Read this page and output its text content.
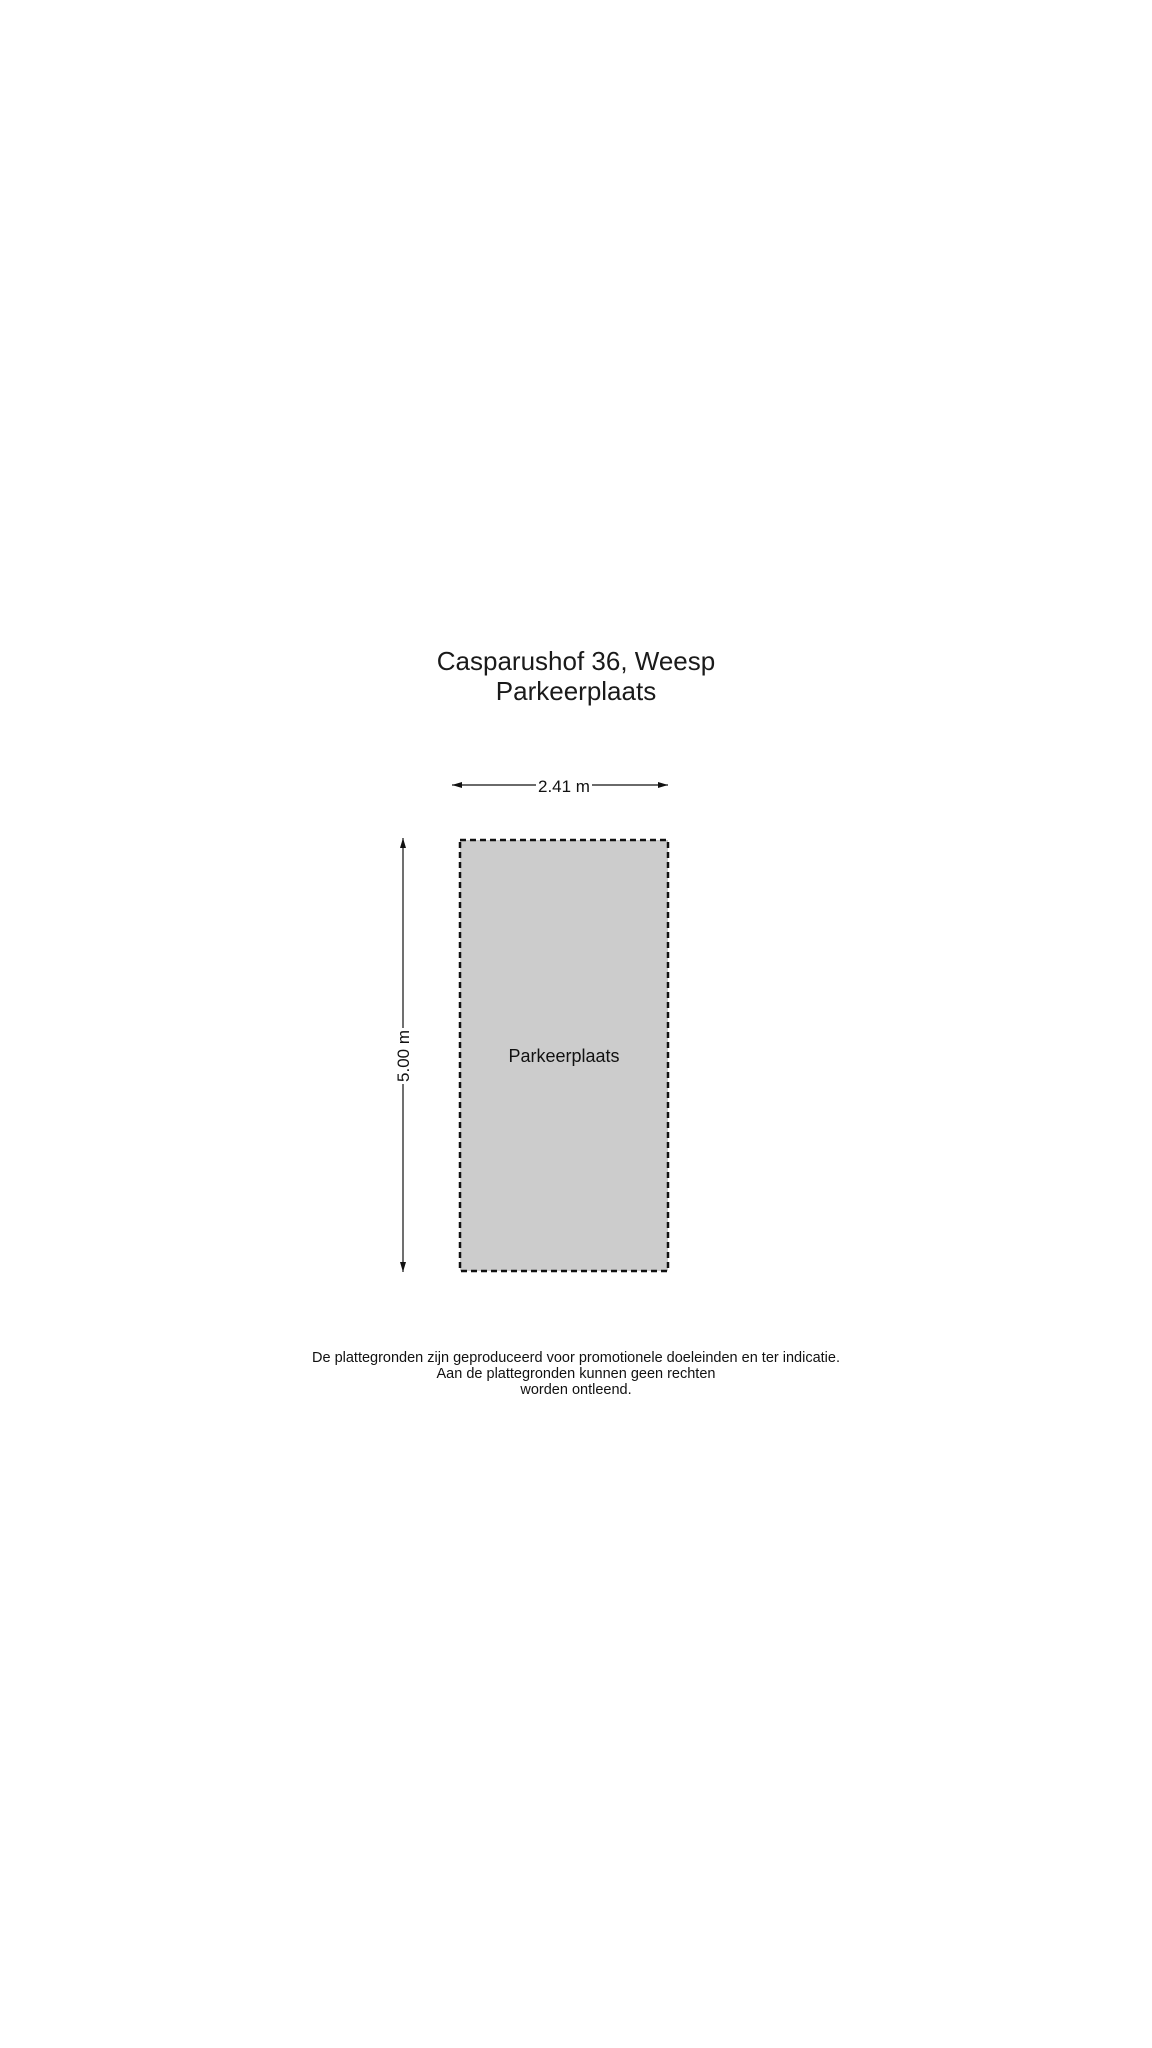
Casparushof 36, Weesp
Parkeerplaats
2.41 m
5.00 m	Parkeerplaats
De plattegronden zijn geproduceerd voor promotionele doeleinden en ter indicatie.
Aan de plattegronden kunnen geen rechten
worden ontleend.
